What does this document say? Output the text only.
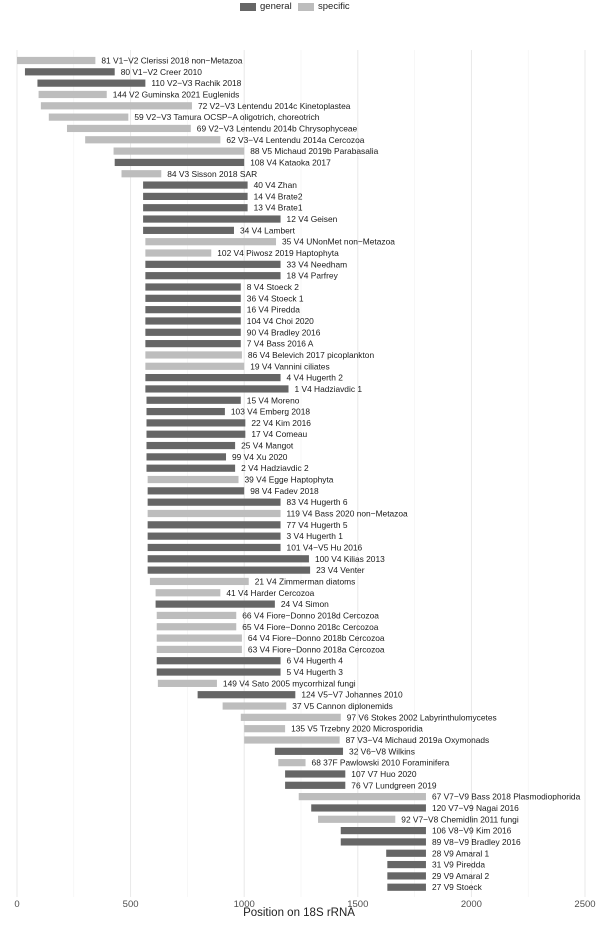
general	specific
81 V1−V2 Clerissi 2018 non−Metazoa
80 V1−V2 Creer 2010
110 V2−V3 Rachik 2018
144 V2 Guminska 2021 Euglenids
72 V2−V3 Lentendu 2014c Kinetoplastea
59 V2−V3 Tamura OCSP−A oligotrich, choreotrich
69 V2−V3 Lentendu 2014b Chrysophyceae
62 V3−V4 Lentendu 2014a Cercozoa
88 V5 Michaud 2019b Parabasalia
108 V4 Kataoka 2017
84 V3 Sisson 2018 SAR
40 V4 Zhan
14 V4 Brate2
13 V4 Brate1
12 V4 Geisen
34 V4 Lambert
35 V4 UNonMet non−Metazoa
102 V4 Piwosz 2019 Haptophyta
33 V4 Needham
18 V4 Parfrey
8 V4 Stoeck 2
36 V4 Stoeck 1
16 V4 Piredda
104 V4 Choi 2020
90 V4 Bradley 2016
7 V4 Bass 2016 A
86 V4 Belevich 2017 picoplankton
19 V4 Vannini ciliates
4 V4 Hugerth 2
1 V4 Hadziavdic 1
15 V4 Moreno
103 V4 Emberg 2018
22 V4 Kim 2016
17 V4 Comeau
25 V4 Mangot
99 V4 Xu 2020
2 V4 Hadziavdic 2
39 V4 Egge Haptophyta
98 V4 Fadev 2018
83 V4 Hugerth 6
119 V4 Bass 2020 non−Metazoa
77 V4 Hugerth 5
3 V4 Hugerth 1
101 V4−V5 Hu 2016
100 V4 Kilias 2013
23 V4 Venter
21 V4 Zimmerman diatoms
41 V4 Harder Cercozoa
24 V4 Simon
66 V4 Fiore−Donno 2018d Cercozoa
65 V4 Fiore−Donno 2018c Cercozoa
64 V4 Fiore−Donno 2018b Cercozoa
63 V4 Fiore−Donno 2018a Cercozoa
6 V4 Hugerth 4
5 V4 Hugerth 3
149 V4 Sato 2005 mycorrhizal fungi
124 V5−V7 Johannes 2010
37 V5 Cannon diplonemids
97 V6 Stokes 2002 Labyrinthulomycetes
135 V5 Trzebny 2020 Microsporidia
87 V3−V4 Michaud 2019a Oxymonads
32 V6−V8 Wilkins
68 37F Pawlowski 2010 Foraminifera
107 V7 Huo 2020
76 V7 Lundgreen 2019
67 V7−V9 Bass 2018 Plasmodiophorida
120 V7−V9 Nagai 2016
92 V7−V8 Chemidlin 2011 fungi
106 V8−V9 Kim 2016
89 V8−V9 Bradley 2016
28 V9 Amaral 1
31 V9 Piredda
29 V9 Amaral 2
27 V9 Stoeck
0	500	1000	1500	2000	2500
Position on 18S rRNA
